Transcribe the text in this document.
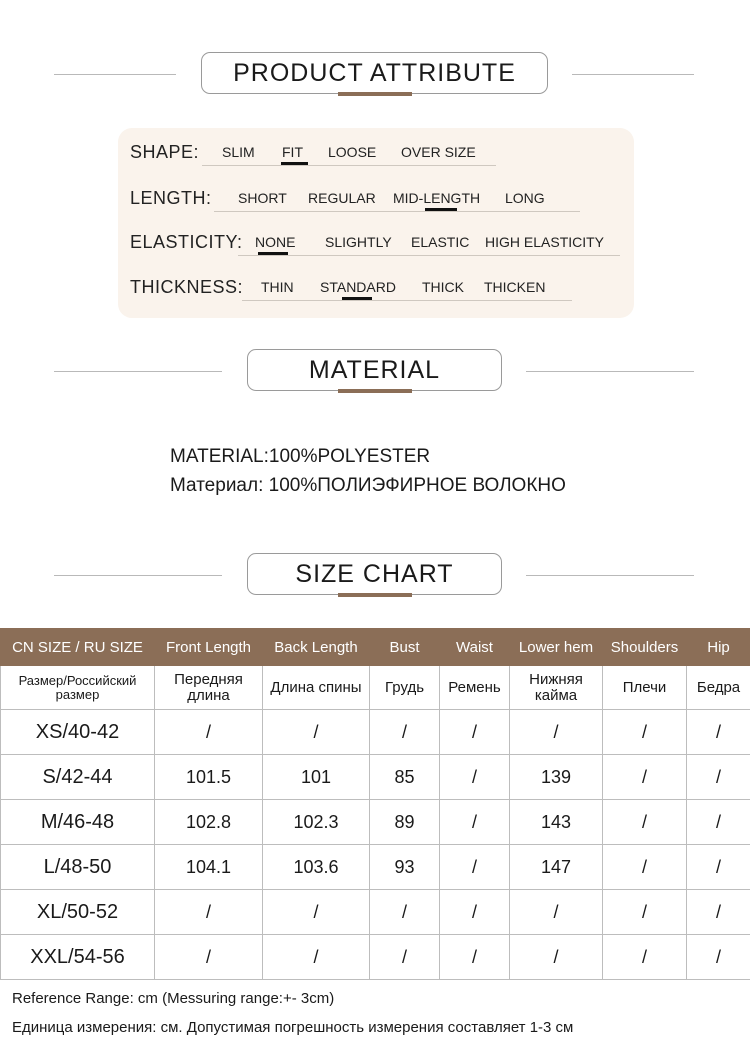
PRODUCT ATTRIBUTE
SHAPE: SLIM FIT LOOSE OVER SIZE
LENGTH: SHORT REGULAR MID-LENGTH LONG
ELASTICITY: NONE SLIGHTLY ELASTIC HIGH ELASTICITY
THICKNESS: THIN STANDARD THICK THICKEN
MATERIAL
MATERIAL:100%POLYESTER
Материал: 100%ПОЛИЭФИРНОЕ ВОЛОКНО
SIZE CHART
CN SIZE / RU SIZE	Front Length	Back Length	Bust	Waist	Lower hem	Shoulders	Hip
Размер/Российский размер	Передняя длина	Длина спины	Грудь	Ремень	Нижняя кайма	Плечи	Бедра
XS/40-42	/	/	/	/	/	/	/
S/42-44	101.5	101	85	/	139	/	/
M/46-48	102.8	102.3	89	/	143	/	/
L/48-50	104.1	103.6	93	/	147	/	/
XL/50-52	/	/	/	/	/	/	/
XXL/54-56	/	/	/	/	/	/	/
Reference Range: cm (Messuring range:+- 3cm)
Единица измерения: см. Допустимая погрешность измерения составляет 1-3 см
